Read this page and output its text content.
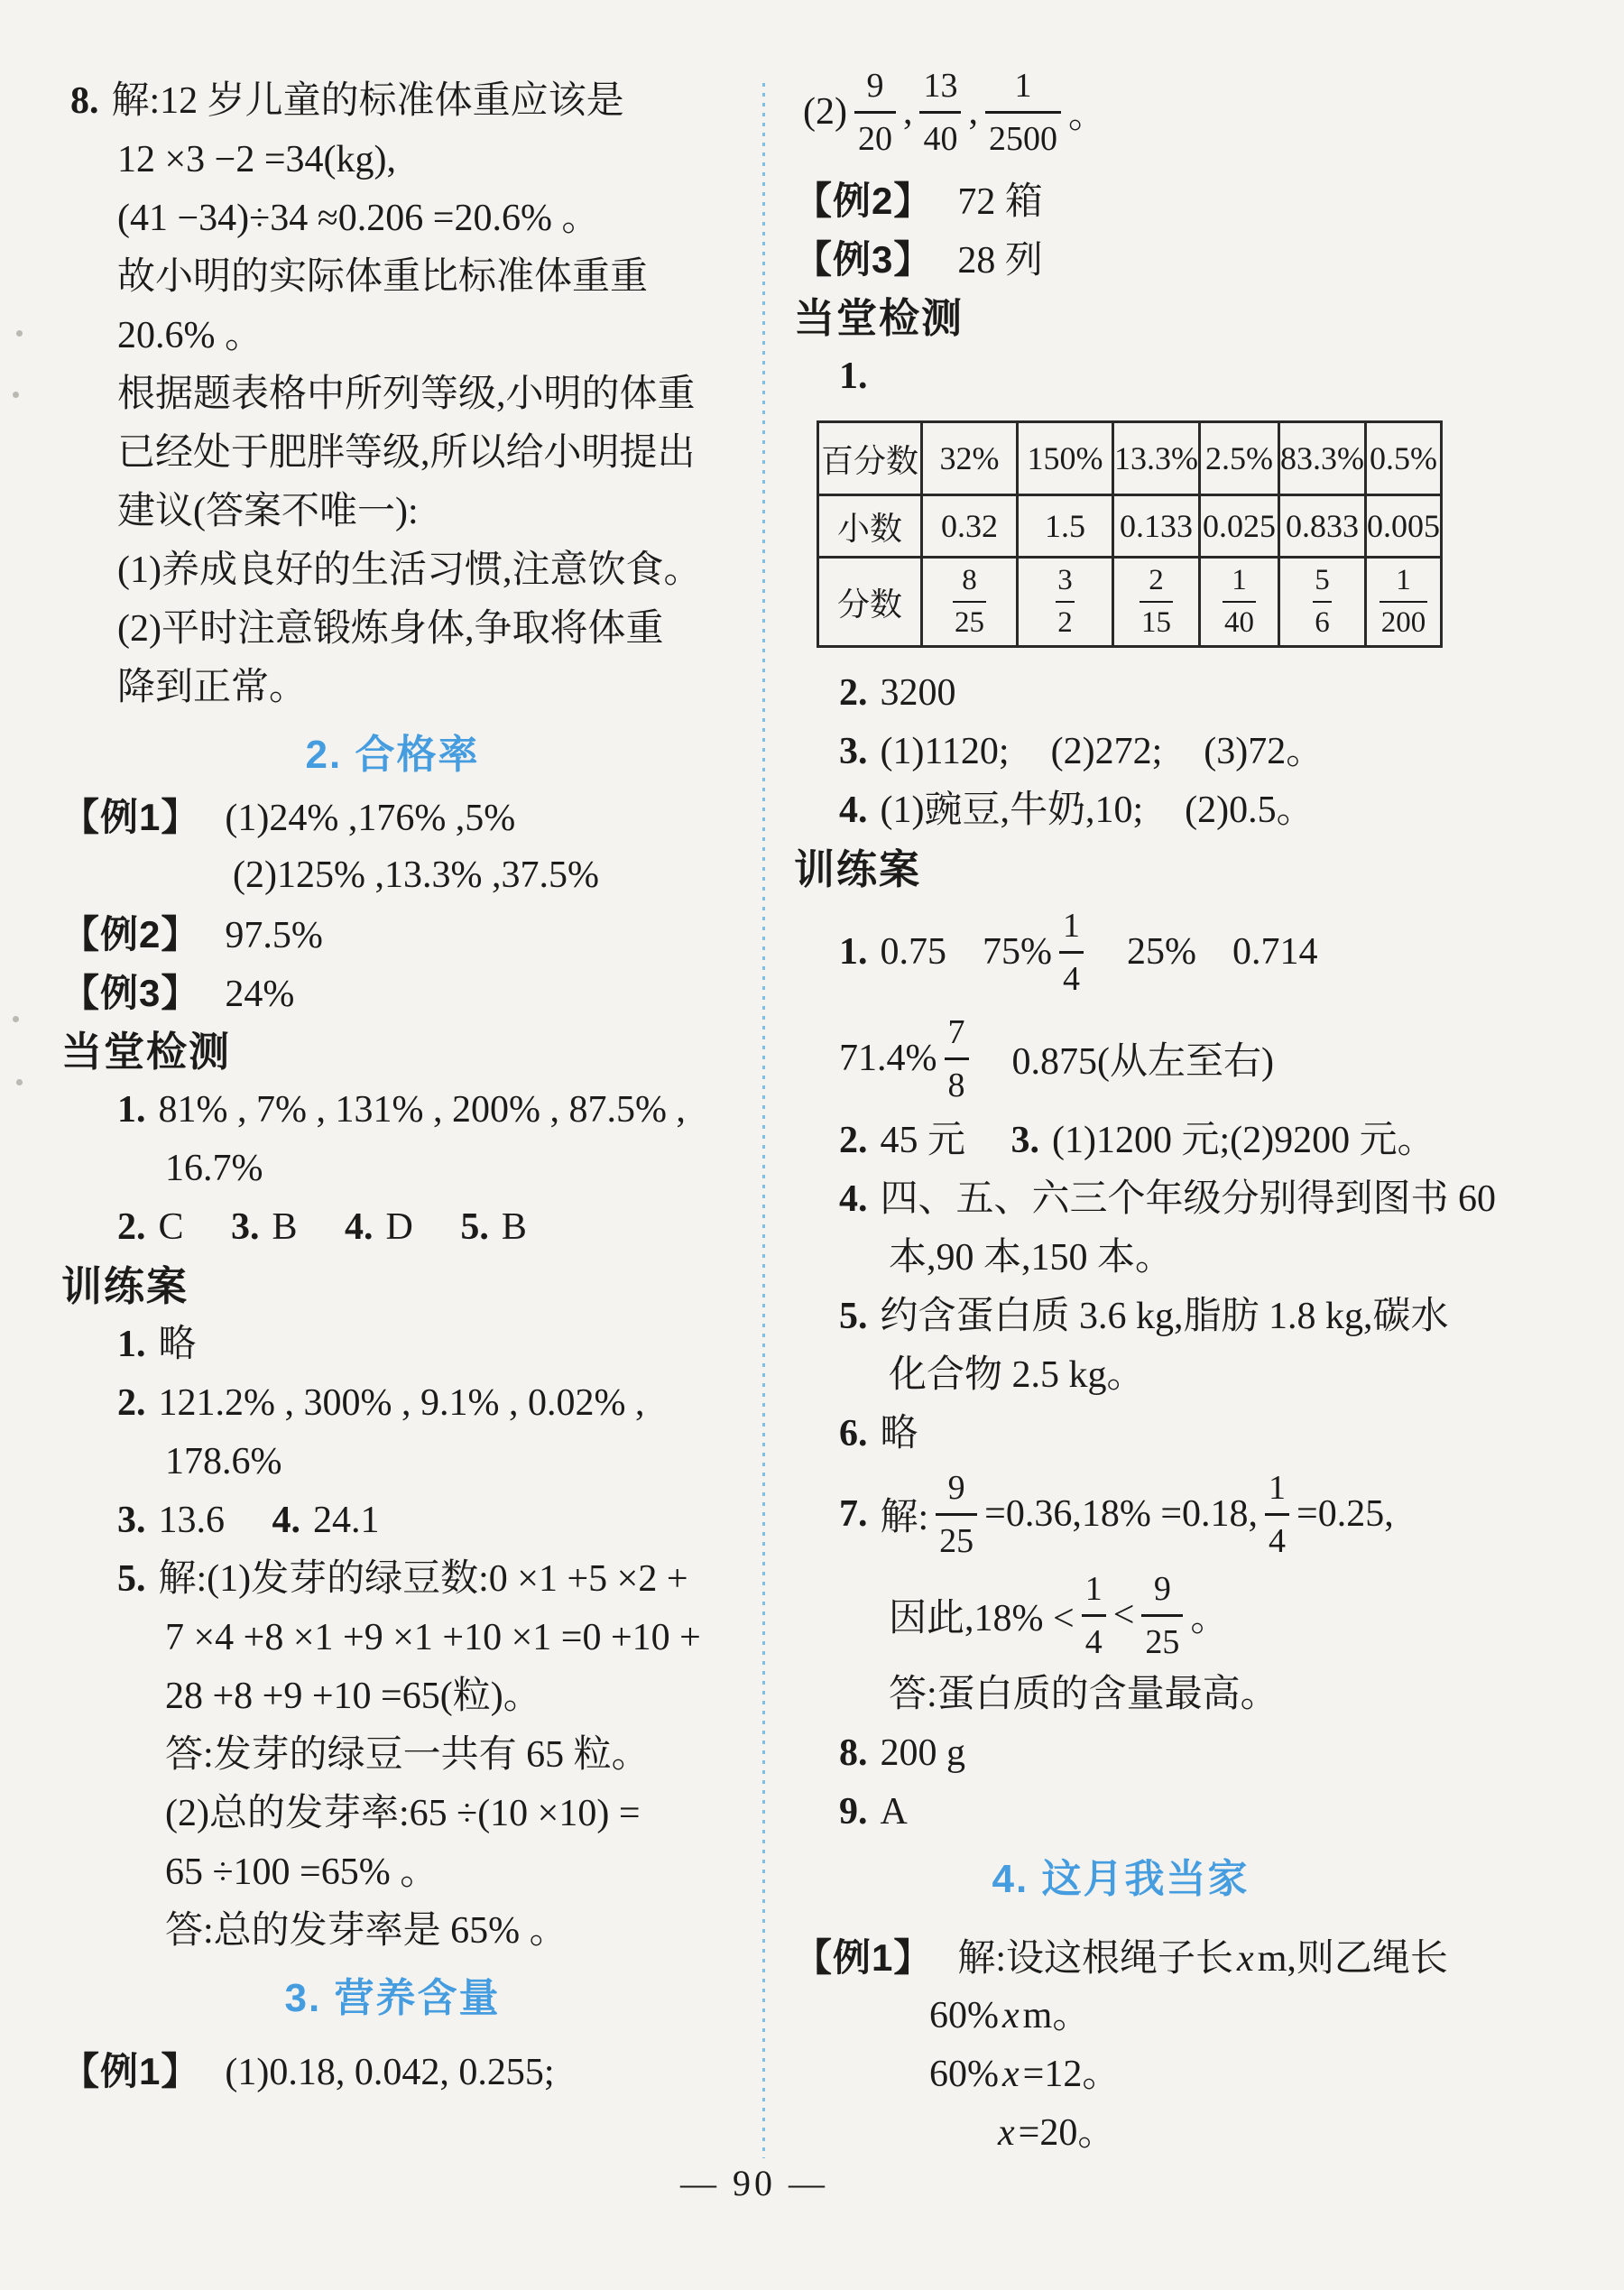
8. 解:12 岁儿童的标准体重应该是
12 ×3 −2 =34(kg),
(41 −34)÷34 ≈0.206 =20.6% 。
故小明的实际体重比标准体重重
20.6% 。
根据题表格中所列等级,小明的体重
已经处于肥胖等级,所以给小明提出
建议(答案不唯一):
(1)养成良好的生活习惯,注意饮食。
(2)平时注意锻炼身体,争取将体重
降到正常。
2. 合格率
【例1】 (1)24% ,176% ,5%
(2)125% ,13.3% ,37.5%
【例2】 97.5%
【例3】 24%
当堂检测
1. 81% , 7% , 131% , 200% , 87.5% ,
16.7%
2. C 3. B 4. D 5. B
训练案
1. 略
2. 121.2% , 300% , 9.1% , 0.02% ,
178.6%
3. 13.6 4. 24.1
5. 解:(1)发芽的绿豆数:0 ×1 +5 ×2 +
7 ×4 +8 ×1 +9 ×1 +10 ×1 =0 +10 +
28 +8 +9 +10 =65(粒)。
答:发芽的绿豆一共有 65 粒。
(2)总的发芽率:65 ÷(10 ×10) =
65 ÷100 =65% 。
答:总的发芽率是 65% 。
3. 营养含量
【例1】 (1)0.18, 0.042, 0.255;
$(2) \frac{9}{20}$ , $\frac{13}{40}$ , $\frac{1}{2500}$ 。
【例2】 72 箱
【例3】 28 列
当堂检测
1.
百分数	32%	150%	13.3%	2.5%	83.3%	0.5%
小数	0.32	1.5	0.133	0.025	0.833	0.005
分数	$\frac{8}{25}$	$\frac{3}{2}$	$\frac{2}{15}$	$\frac{1}{40}$	$\frac{5}{6}$	$\frac{1}{200}$
2. 3200
3. (1)1120; (2)272; (3)72。
4. (1)豌豆,牛奶,10; (2)0.5。
训练案
1. 0.75 $75\% \frac{1}{4} 25\%$ 0.714
$71.4\% \frac{7}{8} 0.875$(从左至右)
2. 45 元 3. (1)1200 元;(2)9200 元。
4. 四、五、六三个年级分别得到图书 60
本,90 本,150 本。
5. 约含蛋白质 3.6 kg,脂肪 1.8 kg,碳水
化合物 2.5 kg。
6. 略
7. 解: $\frac{9}{25} =0.36,18\% =0.18$, $\frac{1}{4} =0.25$,
因此$,18\% < \frac{1}{4} < \frac{9}{25}$ 。
答:蛋白质的含量最高。
8. 200 g
9. A
4. 这月我当家
【例1】 解:设这根绳子长xm,则乙绳长
60%xm。
60%x=12。
x=20。
— 90 —
